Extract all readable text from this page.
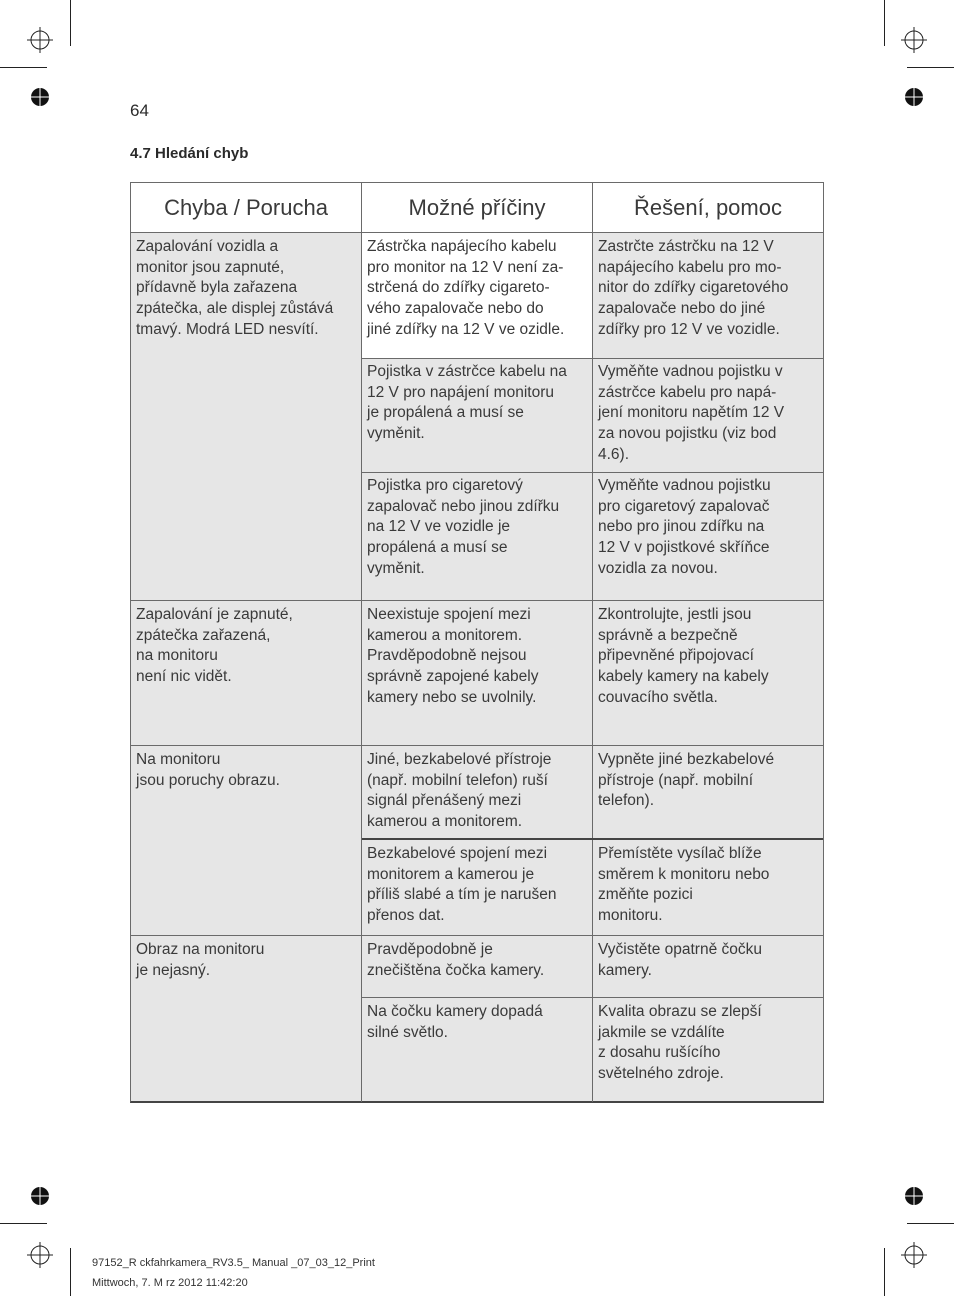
64
4.7 Hledání chyb
Chyba / Porucha	Možné příčiny	Řešení, pomoc
Zapalování vozidla a
monitor jsou zapnuté,
přídavně byla zařazena
zpátečka, ale displej zůstává
tmavý. Modrá LED nesvítí.
Zástrčka napájecího kabelu
pro monitor na 12 V není za-
strčená do zdířky cigareto-
vého zapalovače nebo do
jiné zdířky na 12 V ve ozidle.
Zastrčte zástrčku na 12 V
napájecího kabelu pro mo-
nitor do zdířky cigaretového
zapalovače nebo do jiné
zdířky pro 12 V ve vozidle.
Pojistka v zástrčce kabelu na
12 V pro napájení monitoru
je propálená a musí se
vyměnit.
Vyměňte vadnou pojistku v
zástrčce kabelu pro napá-
jení monitoru napětím 12 V
za novou pojistku (viz bod
4.6).
Pojistka pro cigaretový
zapalovač nebo jinou zdířku
na 12 V ve vozidle je
propálená a musí se
vyměnit.
Vyměňte vadnou pojistku
pro cigaretový zapalovač
nebo pro jinou zdířku na
12 V v pojistkové skříňce
vozidla za novou.
Zapalování je zapnuté,
zpátečka zařazená,
na monitoru
není nic vidět.
Neexistuje spojení mezi
kamerou a monitorem.
Pravděpodobně nejsou
správně zapojené kabely
kamery nebo se uvolnily.
Zkontrolujte, jestli jsou
správně a bezpečně
připevněné připojovací
kabely kamery na kabely
couvacího světla.
Na monitoru
jsou poruchy obrazu.
Jiné, bezkabelové přístroje
(např. mobilní telefon) ruší
signál přenášený mezi
kamerou a monitorem.
Vypněte jiné bezkabelové
přístroje (např. mobilní
telefon).
Bezkabelové spojení mezi
monitorem a kamerou je
příliš slabé a tím je narušen
přenos dat.
Přemístěte vysílač blíže
směrem k monitoru nebo
změňte pozici
monitoru.
Obraz na monitoru
je nejasný.
Pravděpodobně je
znečištěna čočka kamery.
Vyčistěte opatrně čočku
kamery.
Na čočku kamery dopadá
silné světlo.
Kvalita obrazu se zlepší
jakmile se vzdálíte
z dosahu rušícího
světelného zdroje.
97152_R ckfahrkamera_RV3.5_ Manual _07_03_12_Print
Mittwoch, 7. M rz 2012 11:42:20
